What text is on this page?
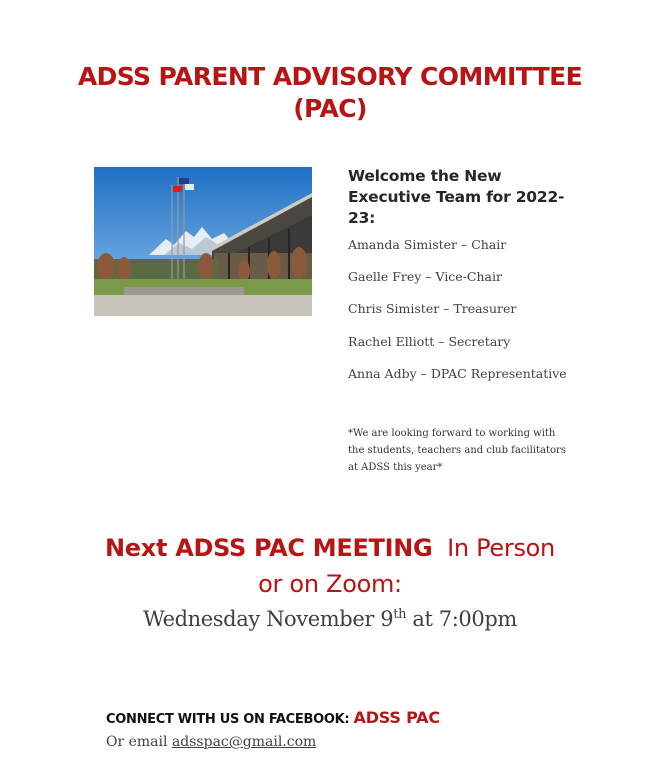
ADSS PARENT ADVISORY COMMITTEE
(PAC)
Welcome the New
Executive Team for 2022-
23:
Amanda Simister – Chair
Gaelle Frey – Vice-Chair
Chris Simister – Treasurer
Rachel Elliott – Secretary
Anna Adby – DPAC Representative
*We are looking forward to working with
the students, teachers and club facilitators
at ADSS this year*
Next ADSS PAC MEETING In Person
or on Zoom:
Wednesday November 9th at 7:00pm
CONNECT WITH US ON FACEBOOK: ADSS PAC
Or email adsspac@gmail.com
